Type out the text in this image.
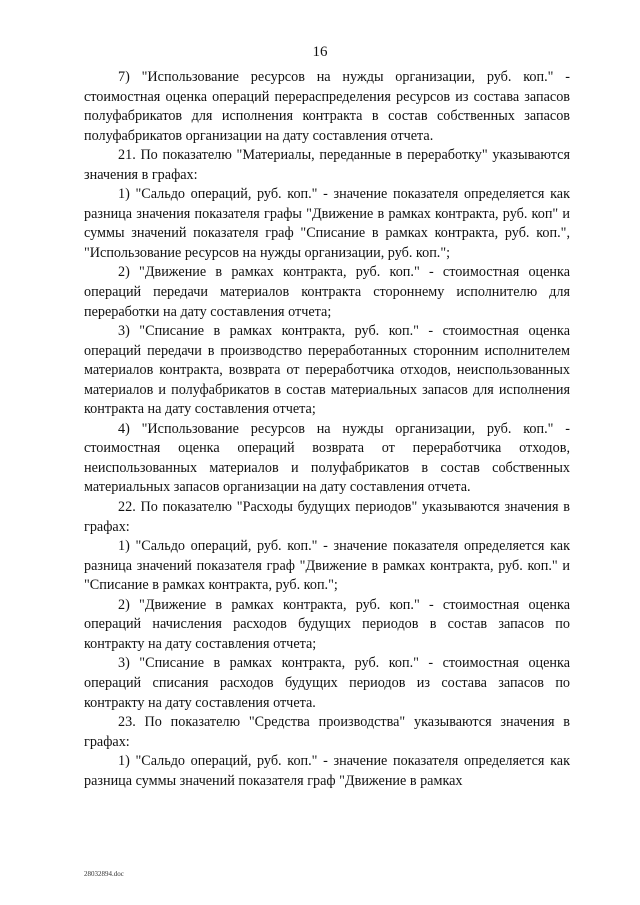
16

7) "Использование ресурсов на нужды организации, руб. коп." - стоимостная оценка операций перераспределения ресурсов из состава запасов полуфабрикатов для исполнения контракта в состав собственных запасов полуфабрикатов организации на дату составления отчета.

21. По показателю "Материалы, переданные в переработку" указываются значения в графах:

1) "Сальдо операций, руб. коп." - значение показателя определяется как разница значения показателя графы "Движение в рамках контракта, руб. коп" и суммы значений показателя граф "Списание в рамках контракта, руб. коп.", "Использование ресурсов на нужды организации, руб. коп.";

2) "Движение в рамках контракта, руб. коп." - стоимостная оценка операций передачи материалов контракта стороннему исполнителю для переработки на дату составления отчета;

3) "Списание в рамках контракта, руб. коп." - стоимостная оценка операций передачи в производство переработанных сторонним исполнителем материалов контракта, возврата от переработчика отходов, неиспользованных материалов и полуфабрикатов в состав материальных запасов для исполнения контракта на дату составления отчета;

4) "Использование ресурсов на нужды организации, руб. коп." - стоимостная оценка операций возврата от переработчика отходов, неиспользованных материалов и полуфабрикатов в состав собственных материальных запасов организации на дату составления отчета.

22. По показателю "Расходы будущих периодов" указываются значения в графах:

1) "Сальдо операций, руб. коп." - значение показателя определяется как разница значений показателя граф "Движение в рамках контракта, руб. коп." и "Списание в рамках контракта, руб. коп.";

2) "Движение в рамках контракта, руб. коп." - стоимостная оценка операций начисления расходов будущих периодов в состав запасов по контракту на дату составления отчета;

3) "Списание в рамках контракта, руб. коп." - стоимостная оценка операций списания расходов будущих периодов из состава запасов по контракту на дату составления отчета.

23. По показателю "Средства производства" указываются значения в графах:

1) "Сальдо операций, руб. коп." - значение показателя определяется как разница суммы значений показателя граф "Движение в рамках

28032894.doc
